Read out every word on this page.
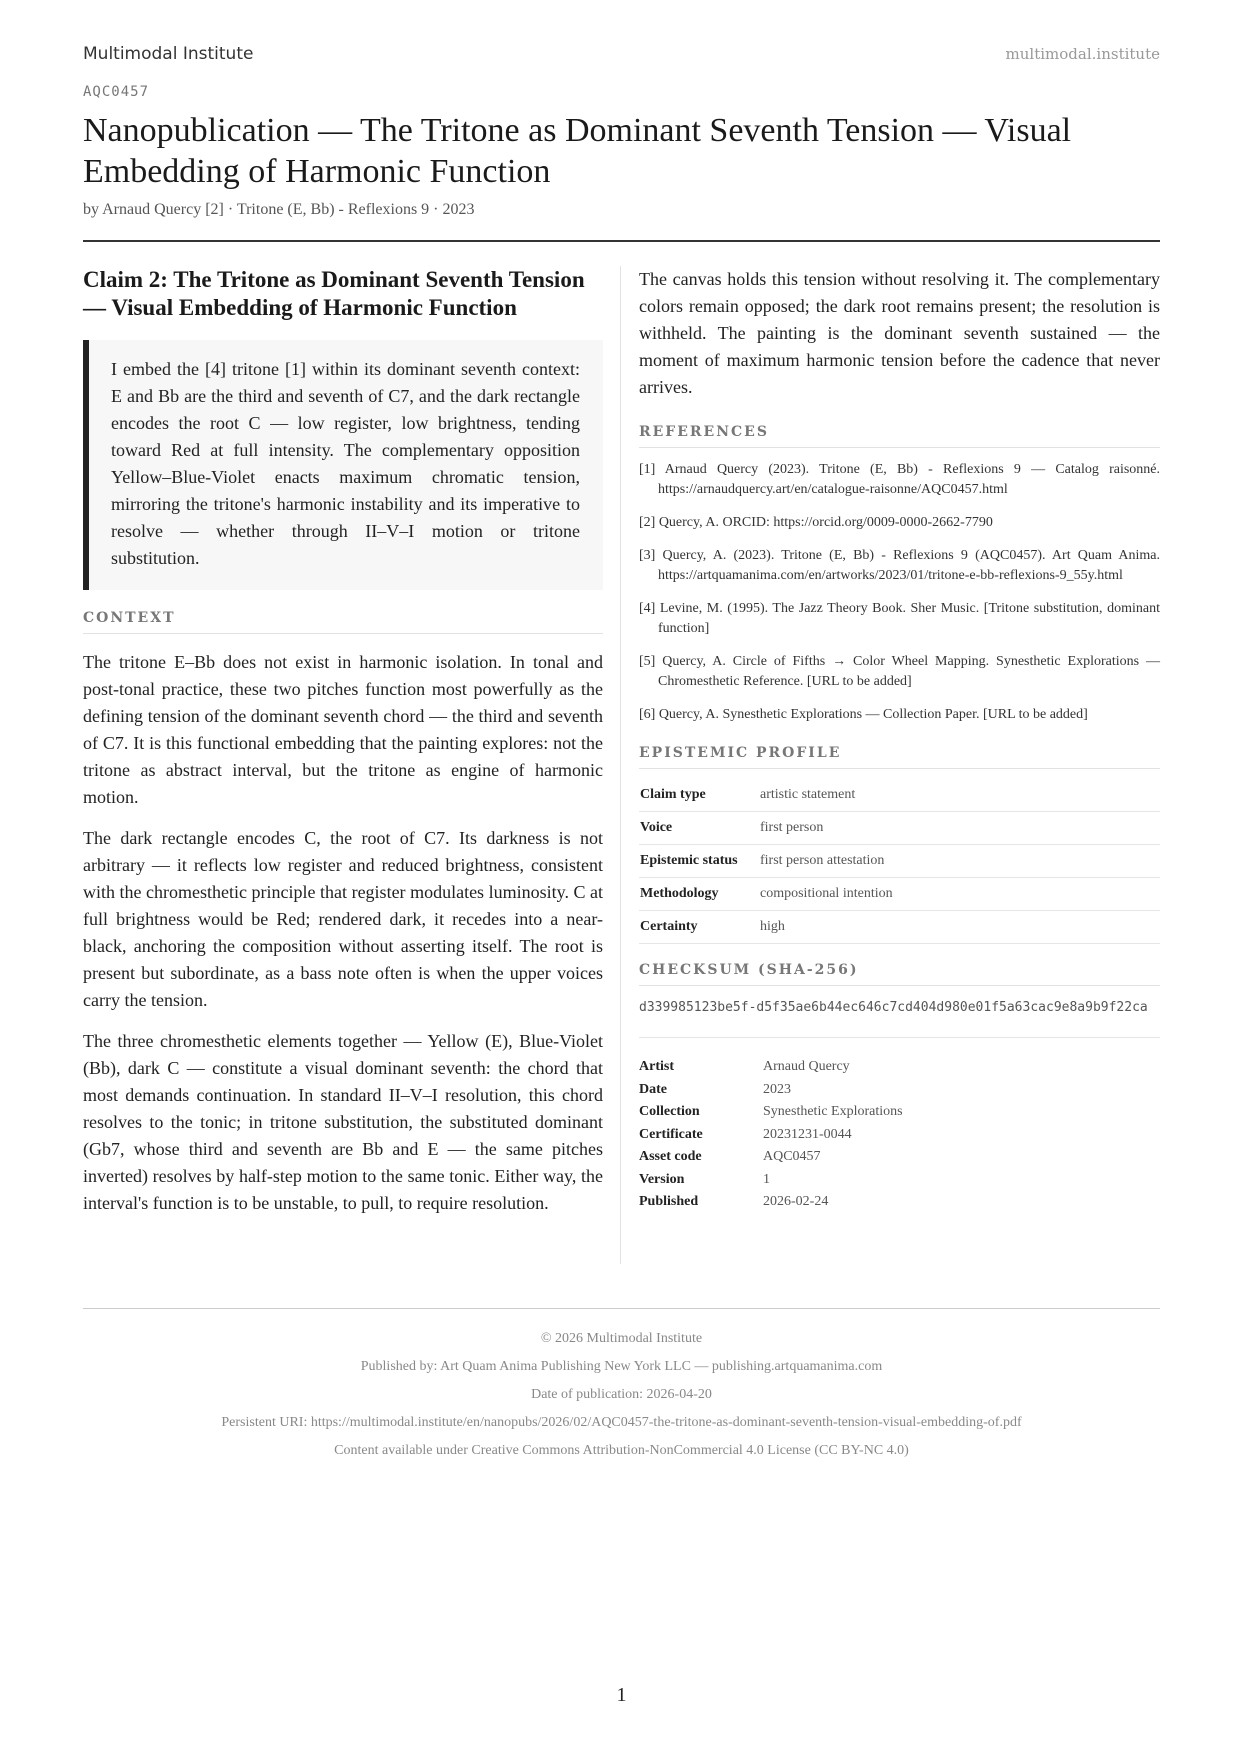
Multimodal Institute	multimodal.institute
AQC0457
Nanopublication — The Tritone as Dominant Seventh Tension — Visual Embedding of Harmonic Function
by Arnaud Quercy [2] · Tritone (E, Bb) - Reflexions 9 · 2023
Claim 2: The Tritone as Dominant Seventh Tension — Visual Embedding of Harmonic Function

I embed the [4] tritone [1] within its dominant seventh context: E and Bb are the third and seventh of C7, and the dark rectangle encodes the root C — low register, low brightness, tending toward Red at full intensity. The complementary opposition Yellow–Blue-Violet enacts maximum chromatic tension, mirroring the tritone's harmonic instability and its imperative to resolve — whether through II–V–I motion or tritone substitution.

CONTEXT

The tritone E–Bb does not exist in harmonic isolation. In tonal and post-tonal practice, these two pitches function most powerfully as the defining tension of the dominant seventh chord — the third and seventh of C7. It is this functional embedding that the painting explores: not the tritone as abstract interval, but the tritone as engine of harmonic motion.

The dark rectangle encodes C, the root of C7. Its darkness is not arbitrary — it reflects low register and reduced brightness, consistent with the chromesthetic principle that register modulates luminosity. C at full brightness would be Red; rendered dark, it recedes into a near-black, anchoring the composition without asserting itself. The root is present but subordinate, as a bass note often is when the upper voices carry the tension.

The three chromesthetic elements together — Yellow (E), Blue-Violet (Bb), dark C — constitute a visual dominant seventh: the chord that most demands continuation. In standard II–V–I resolution, this chord resolves to the tonic; in tritone substitution, the substituted dominant (Gb7, whose third and seventh are Bb and E — the same pitches inverted) resolves by half-step motion to the same tonic. Either way, the interval's function is to be unstable, to pull, to require resolution.

The canvas holds this tension without resolving it. The complementary colors remain opposed; the dark root remains present; the resolution is withheld. The painting is the dominant seventh sustained — the moment of maximum harmonic tension before the cadence that never arrives.

REFERENCES
[1] Arnaud Quercy (2023). Tritone (E, Bb) - Reflexions 9 — Catalog raisonné. https://arnaudquercy.art/en/catalogue-raisonne/AQC0457.html
[2] Quercy, A. ORCID: https://orcid.org/0009-0000-2662-7790
[3] Quercy, A. (2023). Tritone (E, Bb) - Reflexions 9 (AQC0457). Art Quam Anima. https://artquamanima.com/en/artworks/2023/01/tritone-e-bb-reflexions-9_55y.html
[4] Levine, M. (1995). The Jazz Theory Book. Sher Music. [Tritone substitution, dominant function]
[5] Quercy, A. Circle of Fifths → Color Wheel Mapping. Synesthetic Explorations — Chromesthetic Reference. [URL to be added]
[6] Quercy, A. Synesthetic Explorations — Collection Paper. [URL to be added]
EPISTEMIC PROFILE
Claim type	artistic statement
Voice	first person
Epistemic status	first person attestation
Methodology	compositional intention
Certainty	high
CHECKSUM (SHA-256)
d339985123be5f-d5f35ae6b44ec646c7cd404d980e01f5a63cac9e8a9b9f22ca
Artist	Arnaud Quercy
Date	2023
Collection	Synesthetic Explorations
Certificate	20231231-0044
Asset code	AQC0457
Version	1
Published	2026-02-24
© 2026 Multimodal Institute
Published by: Art Quam Anima Publishing New York LLC — publishing.artquamanima.com
Date of publication: 2026-04-20
Persistent URI: https://multimodal.institute/en/nanopubs/2026/02/AQC0457-the-tritone-as-dominant-seventh-tension-visual-embedding-of.pdf
Content available under Creative Commons Attribution-NonCommercial 4.0 License (CC BY-NC 4.0)
1
